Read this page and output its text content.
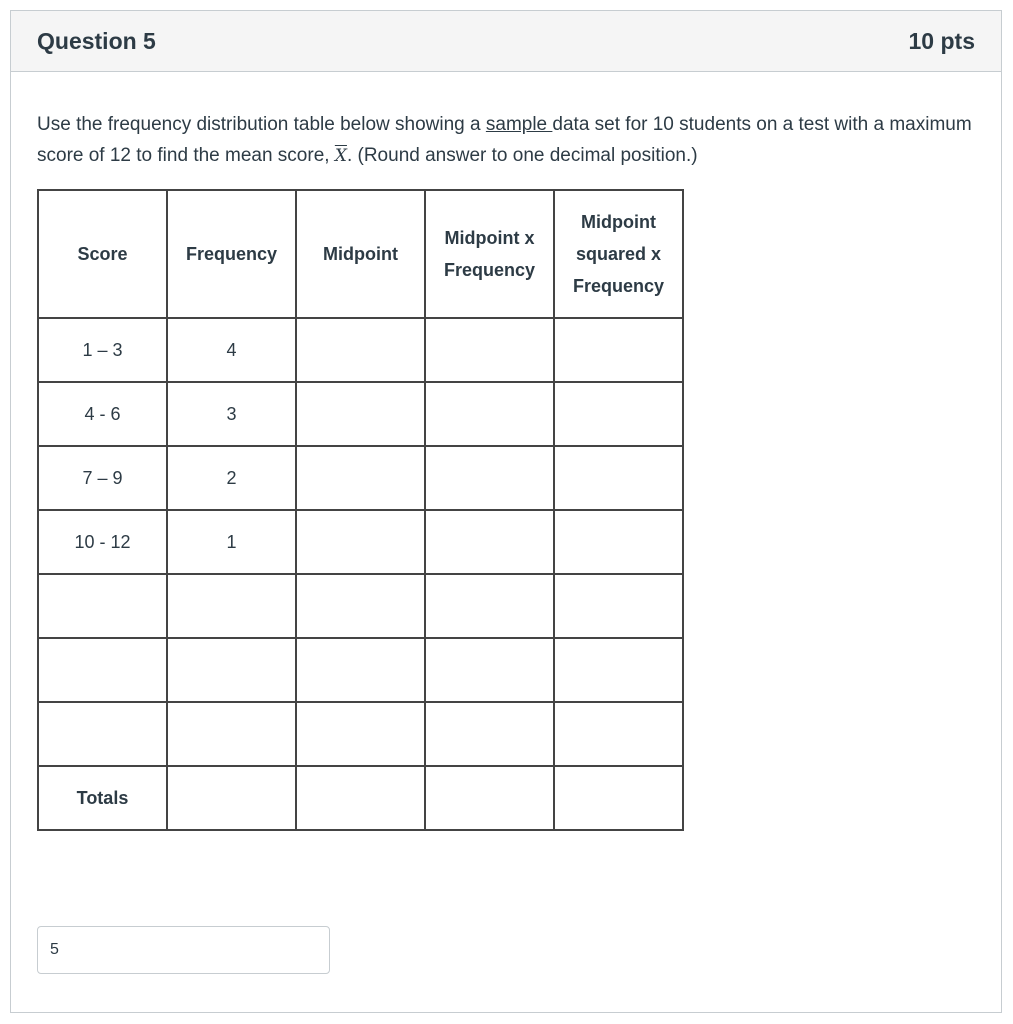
Question 5	10 pts
Use the frequency distribution table below showing a sample data set for 10 students on a test with a maximum score of 12 to find the mean score, $\overline{X}$. (Round answer to one decimal position.)
Score	Frequency	Midpoint	Midpoint x Frequency	Midpoint squared x Frequency
1 – 3	4			
4 - 6	3			
7 – 9	2			
10 - 12	1			

Totals				
5
